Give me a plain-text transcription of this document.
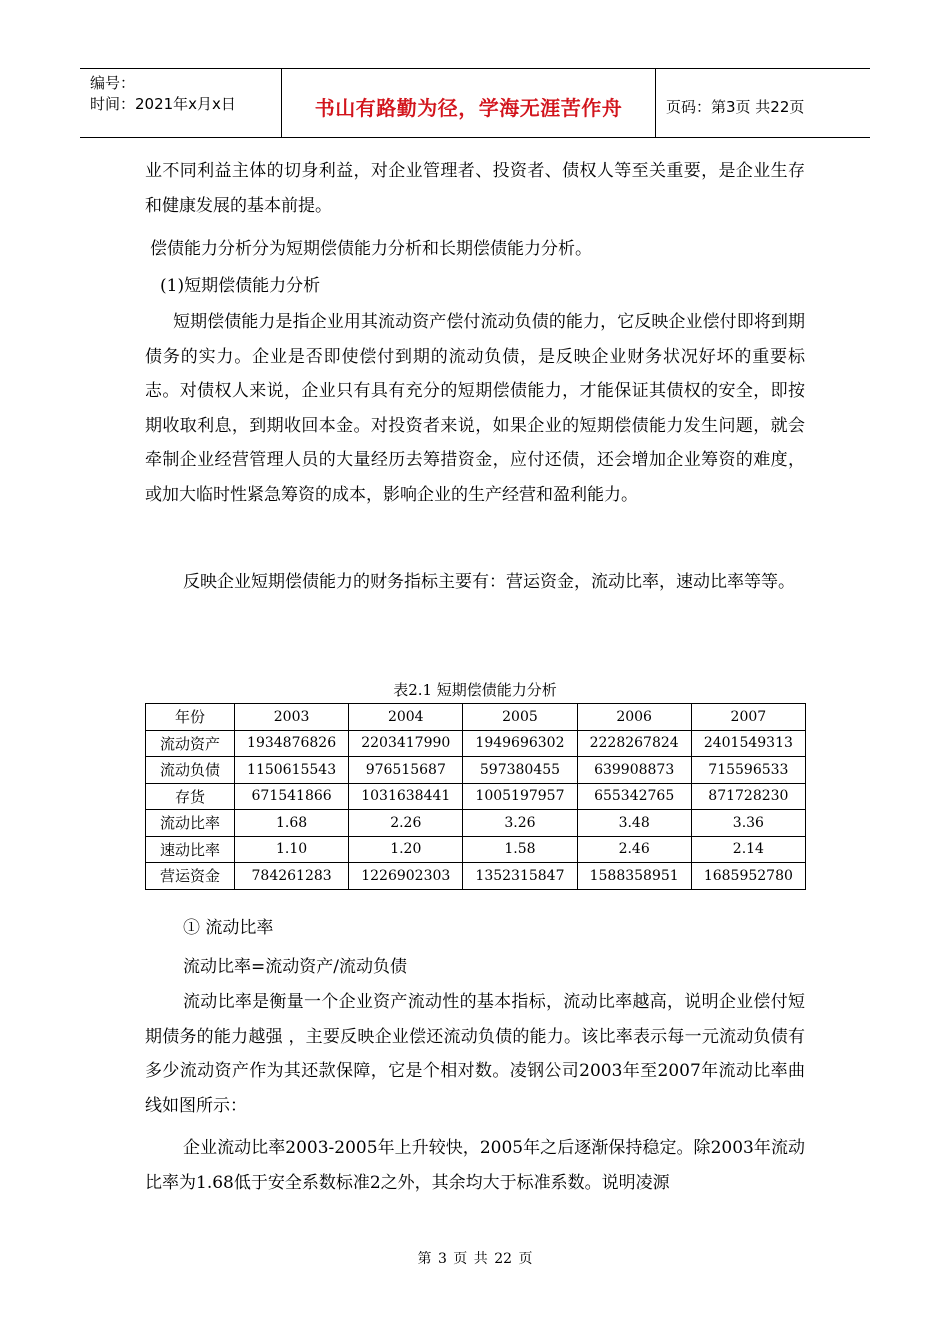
编号：
时间：2021年x月x日	书山有路勤为径，学海无涯苦作舟	页码：第3页 共22页

业不同利益主体的切身利益，对企业管理者、投资者、债权人等至关重要，是企业生存和健康发展的基本前提。

偿债能力分析分为短期偿债能力分析和长期偿债能力分析。

(1)短期偿债能力分析

短期偿债能力是指企业用其流动资产偿付流动负债的能力，它反映企业偿付即将到期债务的实力。企业是否即使偿付到期的流动负债，是反映企业财务状况好坏的重要标志。对债权人来说，企业只有具有充分的短期偿债能力，才能保证其债权的安全，即按期收取利息，到期收回本金。对投资者来说，如果企业的短期偿债能力发生问题，就会牵制企业经营管理人员的大量经历去筹措资金，应付还债，还会增加企业筹资的难度，或加大临时性紧急筹资的成本，影响企业的生产经营和盈利能力。

反映企业短期偿债能力的财务指标主要有：营运资金，流动比率，速动比率等等。

表2.1 短期偿债能力分析
年份	2003	2004	2005	2006	2007
流动资产	1934876826	2203417990	1949696302	2228267824	2401549313
流动负债	1150615543	976515687	597380455	639908873	715596533
存货	671541866	1031638441	1005197957	655342765	871728230
流动比率	1.68	2.26	3.26	3.48	3.36
速动比率	1.10	1.20	1.58	2.46	2.14
营运资金	784261283	1226902303	1352315847	1588358951	1685952780

① 流动比率

流动比率=流动资产/流动负债

流动比率是衡量一个企业资产流动性的基本指标，流动比率越高，说明企业偿付短期债务的能力越强 ，主要反映企业偿还流动负债的能力。该比率表示每一元流动负债有多少流动资产作为其还款保障，它是个相对数。凌钢公司2003年至2007年流动比率曲线如图所示：

企业流动比率2003-2005年上升较快，2005年之后逐渐保持稳定。除2003年流动比率为1.68低于安全系数标准2之外，其余均大于标准系数。说明凌源

第 3 页 共 22 页
